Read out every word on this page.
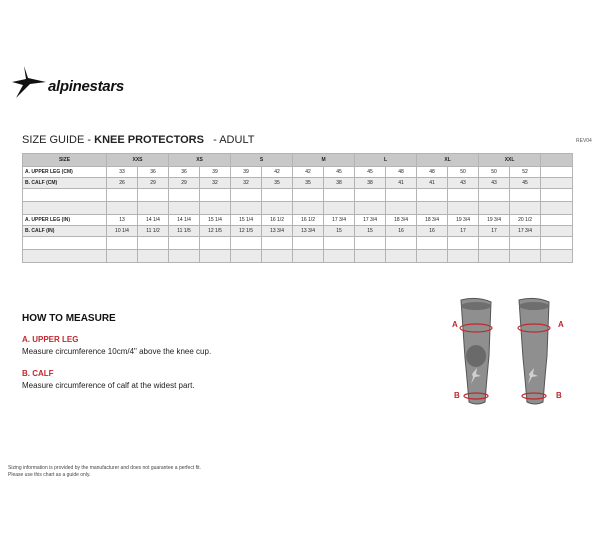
alpinestars
SIZE GUIDE - KNEE PROTECTORS - ADULT	REV04
SIZE	XXS		XS		S		M		L		XL		XXL		
A. UPPER LEG (CM)	33	36	36	39	39	42	42	45	45	48	48	50	50	52	
B. CALF (CM)	26	29	29	32	32	35	35	38	38	41	41	43	43	45	

A. UPPER LEG (IN)	13	14 1/4	14 1/4	15 1/4	15 1/4	16 1/2	16 1/2	17 3/4	17 3/4	18 3/4	18 3/4	19 3/4	19 3/4	20 1/2	
B. CALF (IN)	10 1/4	11 1/2	11 1/5	12 1/5	12 1/5	13 3/4	13 3/4	15	15	16	16	17	17	17 3/4	

HOW TO MEASURE
A. UPPER LEG
Measure circumference 10cm/4" above the knee cup.
B. CALF
Measure circumference of calf at the widest part.
A	A
B	B
Sizing information is provided by the manufacturer and does not guarantee a perfect fit.
Please use this chart as a guide only.
